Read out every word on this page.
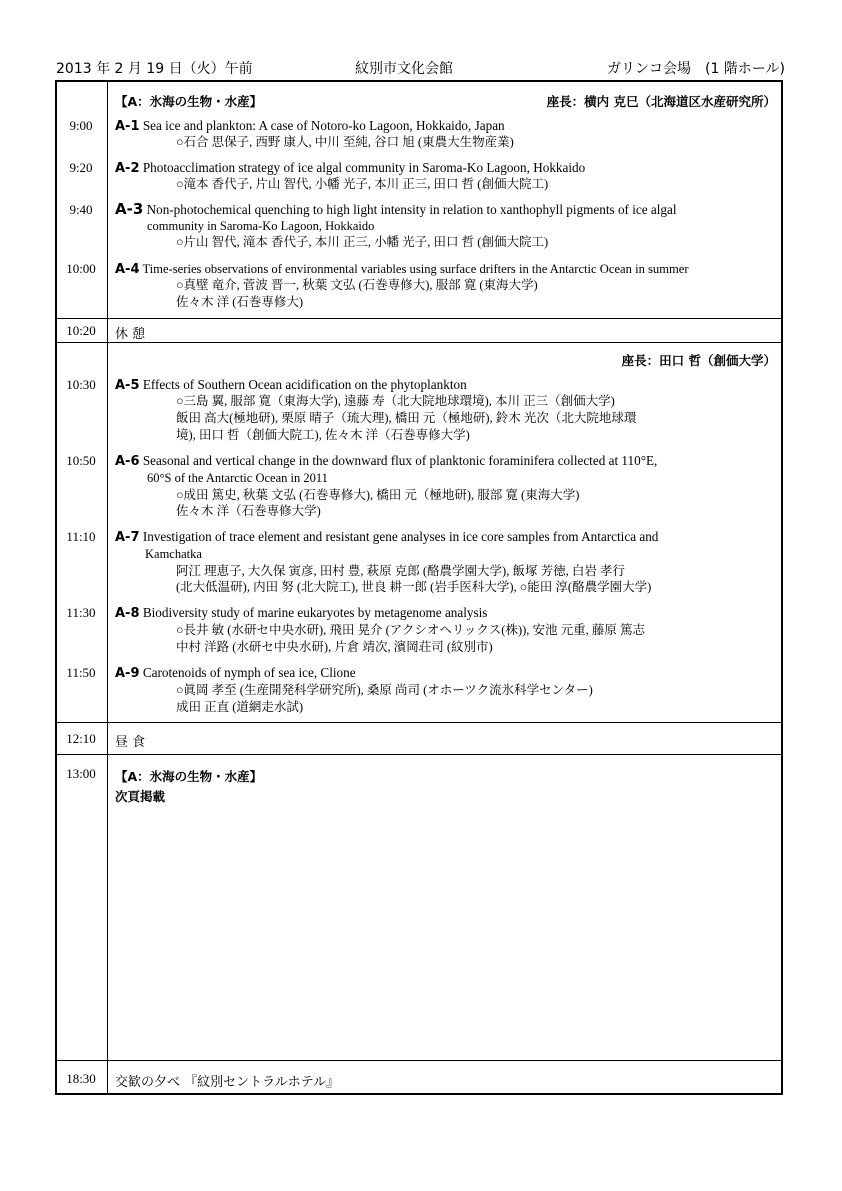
2013 年 2 月 19 日（火）午前	紋別市文化会館	ガリンコ会場　(1 階ホール)
【A：氷海の生物・水産】	座長：横内 克巳（北海道区水産研究所）
9:00	A-1 Sea ice and plankton: A case of Notoro-ko Lagoon, Hokkaido, Japan
○石合 思保子, 西野 康人, 中川 至純, 谷口 旭 (東農大生物産業)
9:20	A-2 Photoacclimation strategy of ice algal community in Saroma-Ko Lagoon, Hokkaido
○滝本 香代子, 片山 智代, 小幡 光子, 本川 正三, 田口 哲 (創価大院工)
9:40	A-3 Non-photochemical quenching to high light intensity in relation to xanthophyll pigments of ice algal
community in Saroma-Ko Lagoon, Hokkaido
○片山 智代, 滝本 香代子, 本川 正三, 小幡 光子, 田口 哲 (創価大院工)
10:00	A-4 Time-series observations of environmental variables using surface drifters in the Antarctic Ocean in summer
○真壁 竜介, 菅波 晋一, 秋葉 文弘 (石巻専修大), 服部 寛 (東海大学)
佐々木 洋 (石巻専修大)
10:20	休 憩
座長：田口 哲（創価大学）
10:30	A-5 Effects of Southern Ocean acidification on the phytoplankton
○三島 翼, 服部 寛（東海大学), 遠藤 寿（北大院地球環境), 本川 正三（創価大学)
飯田 高大(極地研), 栗原 晴子（琉大理), 橋田 元（極地研), 鈴木 光次（北大院地球環
境), 田口 哲（創価大院工), 佐々木 洋（石巻専修大学)
10:50	A-6 Seasonal and vertical change in the downward flux of planktonic foraminifera collected at 110°E,
60°S of the Antarctic Ocean in 2011
○成田 篤史, 秋葉 文弘 (石巻専修大), 橋田 元（極地研), 服部 寛 (東海大学)
佐々木 洋（石巻専修大学)
11:10	A-7 Investigation of trace element and resistant gene analyses in ice core samples from Antarctica and
Kamchatka
阿江 理恵子, 大久保 寅彦, 田村 豊, 萩原 克郎 (酪農学園大学), 飯塚 芳徳, 白岩 孝行
(北大低温研), 内田 努 (北大院工), 世良 耕一郎 (岩手医科大学), ○能田 淳(酪農学園大学)
11:30	A-8 Biodiversity study of marine eukaryotes by metagenome analysis
○長井 敏 (水研セ中央水研), 飛田 晃介 (アクシオヘリックス(株)), 安池 元重, 藤原 篤志
中村 洋路 (水研セ中央水研), 片倉 靖次, 濱岡荘司 (紋別市)
11:50	A-9 Carotenoids of nymph of sea ice, Clione
○眞岡 孝至 (生産開発科学研究所), 桑原 尚司 (オホーツク流氷科学センター)
成田 正直 (道網走水試)
12:10	昼 食
13:00	【A：氷海の生物・水産】
次頁掲載
18:30	交歓の夕べ 『紋別セントラルホテル』
